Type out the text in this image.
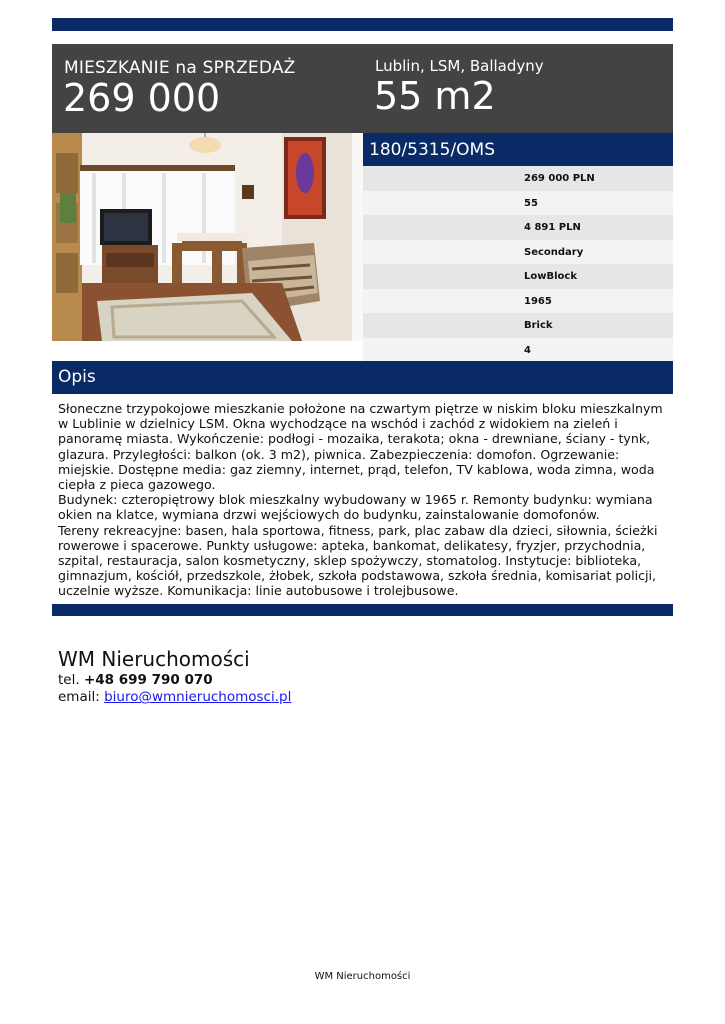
MIESZKANIE na SPRZEDAŻ
269 000
Lublin, LSM, Balladyny
55 m2
180/5315/OMS
269 000 PLN
55
4 891 PLN
Secondary
LowBlock
1965
Brick
4
Opis

Słoneczne trzypokojowe mieszkanie położone na czwartym piętrze w niskim bloku mieszkalnym w Lublinie w dzielnicy LSM. Okna wychodzące na wschód i zachód z widokiem na zieleń i panoramę miasta. Wykończenie: podłogi - mozaika, terakota; okna - drewniane, ściany - tynk, glazura. Przyległości: balkon (ok. 3 m2), piwnica. Zabezpieczenia: domofon. Ogrzewanie: miejskie. Dostępne media: gaz ziemny, internet, prąd, telefon, TV kablowa, woda zimna, woda ciepła z pieca gazowego.

Budynek: czteropiętrowy blok mieszkalny wybudowany w 1965 r. Remonty budynku: wymiana okien na klatce, wymiana drzwi wejściowych do budynku, zainstalowanie domofonów.

Tereny rekreacyjne: basen, hala sportowa, fitness, park, plac zabaw dla dzieci, siłownia, ścieżki rowerowe i spacerowe. Punkty usługowe: apteka, bankomat, delikatesy, fryzjer, przychodnia, szpital, restauracja, salon kosmetyczny, sklep spożywczy, stomatolog. Instytucje: biblioteka, gimnazjum, kościół, przedszkole, żłobek, szkoła podstawowa, szkoła średnia, komisariat policji, uczelnie wyższe. Komunikacja: linie autobusowe i trolejbusowe.

WM Nieruchomości
tel. +48 699 790 070
email: biuro@wmnieruchomosci.pl
WM Nieruchomości
